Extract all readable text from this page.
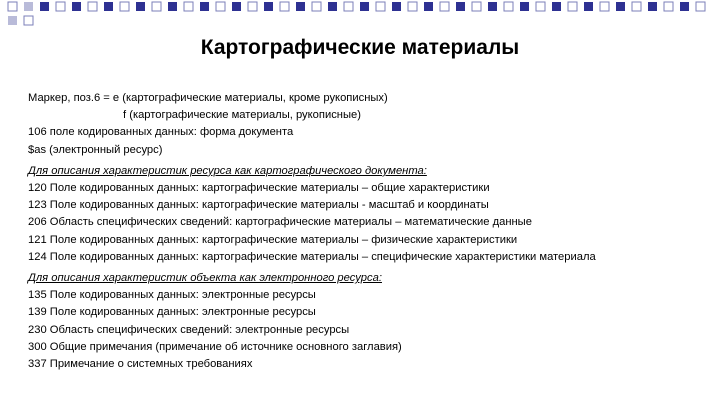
Картографические материалы
Маркер, поз.6 = e (картографические материалы, кроме рукописных)
f (картографические материалы, рукописные)
106 поле кодированных данных: форма документа
$as (электронный ресурс)
Для описания характеристик ресурса как картографического документа:
120 Поле кодированных данных: картографические материалы – общие характеристики
123 Поле кодированных данных: картографические материалы - масштаб и координаты
206 Область специфических сведений: картографические материалы – математические данные
121 Поле кодированных данных: картографические материалы – физические характеристики
124 Поле кодированных данных: картографические материалы – специфические характеристики материала
Для описания характеристик объекта как электронного ресурса:
135 Поле кодированных данных: электронные ресурсы
139 Поле кодированных данных: электронные ресурсы
230 Область специфических сведений: электронные ресурсы
300 Общие примечания (примечание об источнике основного заглавия)
337 Примечание о системных требованиях
